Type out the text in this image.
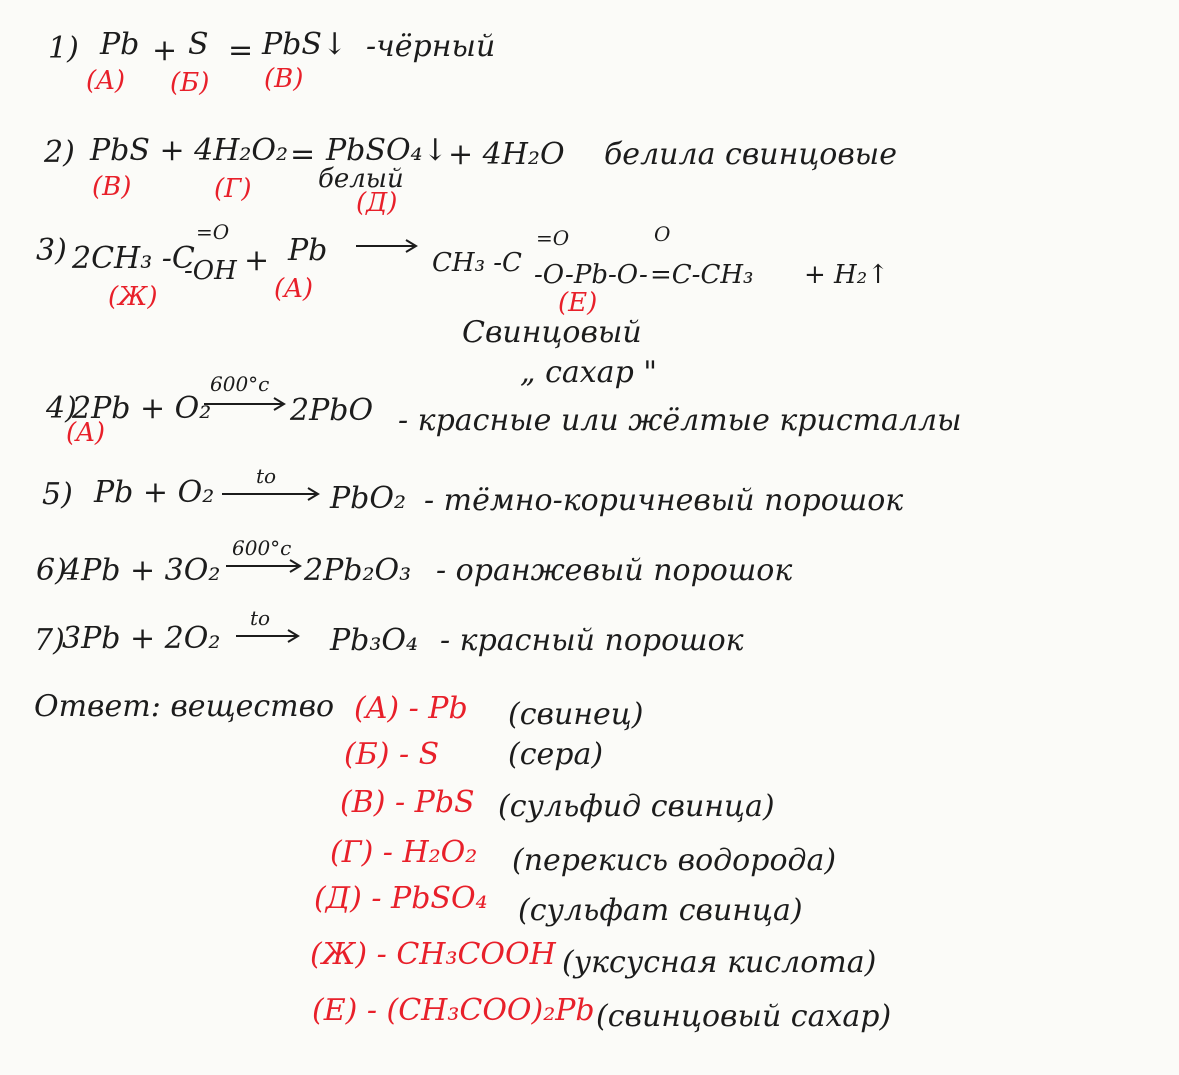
1) Pb + S = PbS↓ -чёрный
(A) (Б) (B)
2) PbS + 4H₂O₂ = PbSO₄↓ + 4H₂O белила свинцовые
белый
(B)	(Г)	(Д)
3) 2CH₃ -C
=O
-OH + Pb	CH₃ -C
=O
-O-Pb-O-
O
=C-CH₃ + H₂↑
(Ж)	(A)	(Е)
Свинцовый
„ сахар "
4)
2Pb + O₂
600°c
2PbO - красные или жёлтые кристаллы
(A)
5) Pb + O₂ to
PbO₂ - тёмно-коричневый порошок
6)
4Pb + 3O₂
600°c
2Pb₂O₃ - оранжевый порошок
7)
3Pb + 2O₂
to
Pb₃O₄ - красный порошок
Ответ: вещество (A) - Pb (свинец)
(Б) - S (сера)
(B) - PbS (сульфид свинца)
(Г) - H₂O₂ (перекись водорода)
(Д) - PbSO₄ (сульфат свинца)
(Ж) - CH₃COOH (уксусная кислота)
(Е) - (CH₃COO)₂Pb (свинцовый сахар)
